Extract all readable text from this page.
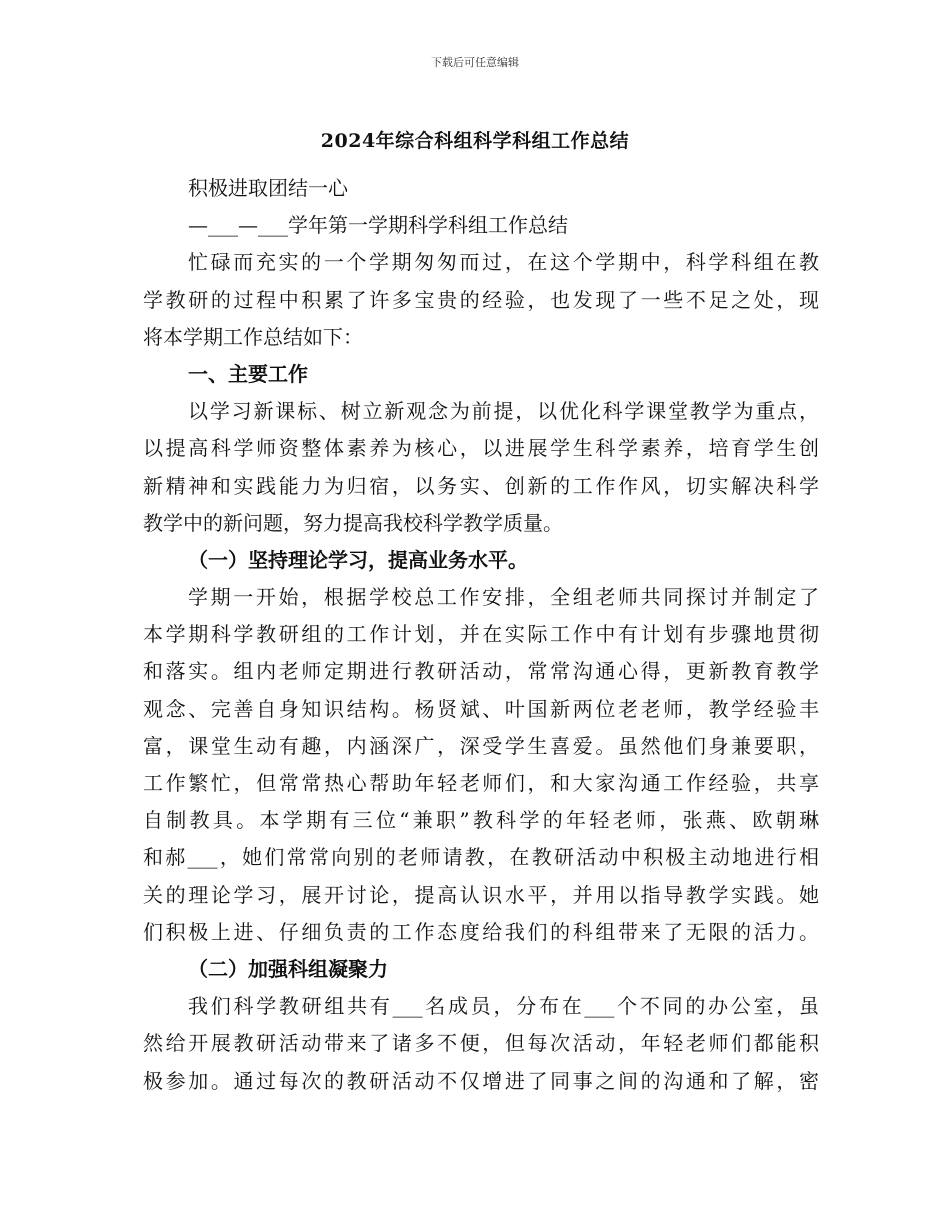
下载后可任意编辑
2024年综合科组科学科组工作总结
积极进取团结一心
—___—___学年第一学期科学科组工作总结
忙碌而充实的一个学期匆匆而过，在这个学期中，科学科组在教
学教研的过程中积累了许多宝贵的经验，也发现了一些不足之处，现
将本学期工作总结如下：
一、主要工作
以学习新课标、树立新观念为前提，以优化科学课堂教学为重点，
以提高科学师资整体素养为核心，以进展学生科学素养，培育学生创
新精神和实践能力为归宿，以务实、创新的工作作风，切实解决科学
教学中的新问题，努力提高我校科学教学质量。
（一）坚持理论学习，提高业务水平。
学期一开始，根据学校总工作安排，全组老师共同探讨并制定了
本学期科学教研组的工作计划，并在实际工作中有计划有步骤地贯彻
和落实。组内老师定期进行教研活动，常常沟通心得，更新教育教学
观念、完善自身知识结构。杨贤斌、叶国新两位老老师，教学经验丰
富，课堂生动有趣，内涵深广，深受学生喜爱。虽然他们身兼要职，
工作繁忙，但常常热心帮助年轻老师们，和大家沟通工作经验，共享
自制教具。本学期有三位“兼职”教科学的年轻老师，张燕、欧朝琳
和郝___，她们常常向别的老师请教，在教研活动中积极主动地进行相
关的理论学习，展开讨论，提高认识水平，并用以指导教学实践。她
们积极上进、仔细负责的工作态度给我们的科组带来了无限的活力。
（二）加强科组凝聚力
我们科学教研组共有___名成员，分布在___个不同的办公室，虽
然给开展教研活动带来了诸多不便，但每次活动，年轻老师们都能积
极参加。通过每次的教研活动不仅增进了同事之间的沟通和了解，密
